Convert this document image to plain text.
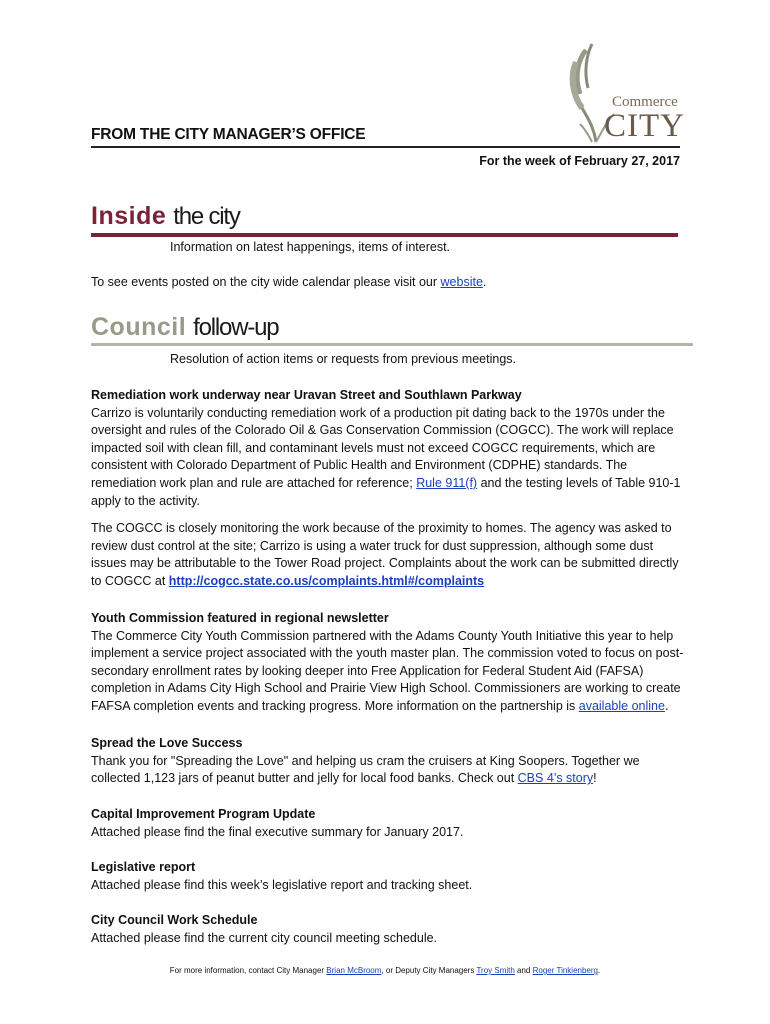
Commerce
CITY
FROM THE CITY MANAGER’S OFFICE
For the week of February 27, 2017
Inside the city
Information on latest happenings, items of interest.
To see events posted on the city wide calendar please visit our website.
Council follow-up
Resolution of action items or requests from previous meetings.
Remediation work underway near Uravan Street and Southlawn Parkway
Carrizo is voluntarily conducting remediation work of a production pit dating back to the 1970s under the oversight and rules of the Colorado Oil & Gas Conservation Commission (COGCC). The work will replace impacted soil with clean fill, and contaminant levels must not exceed COGCC requirements, which are consistent with Colorado Department of Public Health and Environment (CDPHE) standards. The remediation work plan and rule are attached for reference; Rule 911(f) and the testing levels of Table 910-1 apply to the activity.
The COGCC is closely monitoring the work because of the proximity to homes. The agency was asked to review dust control at the site; Carrizo is using a water truck for dust suppression, although some dust issues may be attributable to the Tower Road project. Complaints about the work can be submitted directly to COGCC at http://cogcc.state.co.us/complaints.html#/complaints
Youth Commission featured in regional newsletter
The Commerce City Youth Commission partnered with the Adams County Youth Initiative this year to help implement a service project associated with the youth master plan. The commission voted to focus on post-secondary enrollment rates by looking deeper into Free Application for Federal Student Aid (FAFSA) completion in Adams City High School and Prairie View High School. Commissioners are working to create FAFSA completion events and tracking progress. More information on the partnership is available online.
Spread the Love Success
Thank you for "Spreading the Love" and helping us cram the cruisers at King Soopers. Together we collected 1,123 jars of peanut butter and jelly for local food banks. Check out CBS 4’s story!
Capital Improvement Program Update
Attached please find the final executive summary for January 2017.
Legislative report
Attached please find this week’s legislative report and tracking sheet.
City Council Work Schedule
Attached please find the current city council meeting schedule.
For more information, contact City Manager Brian McBroom, or Deputy City Managers Troy Smith and Roger Tinkienberg.
